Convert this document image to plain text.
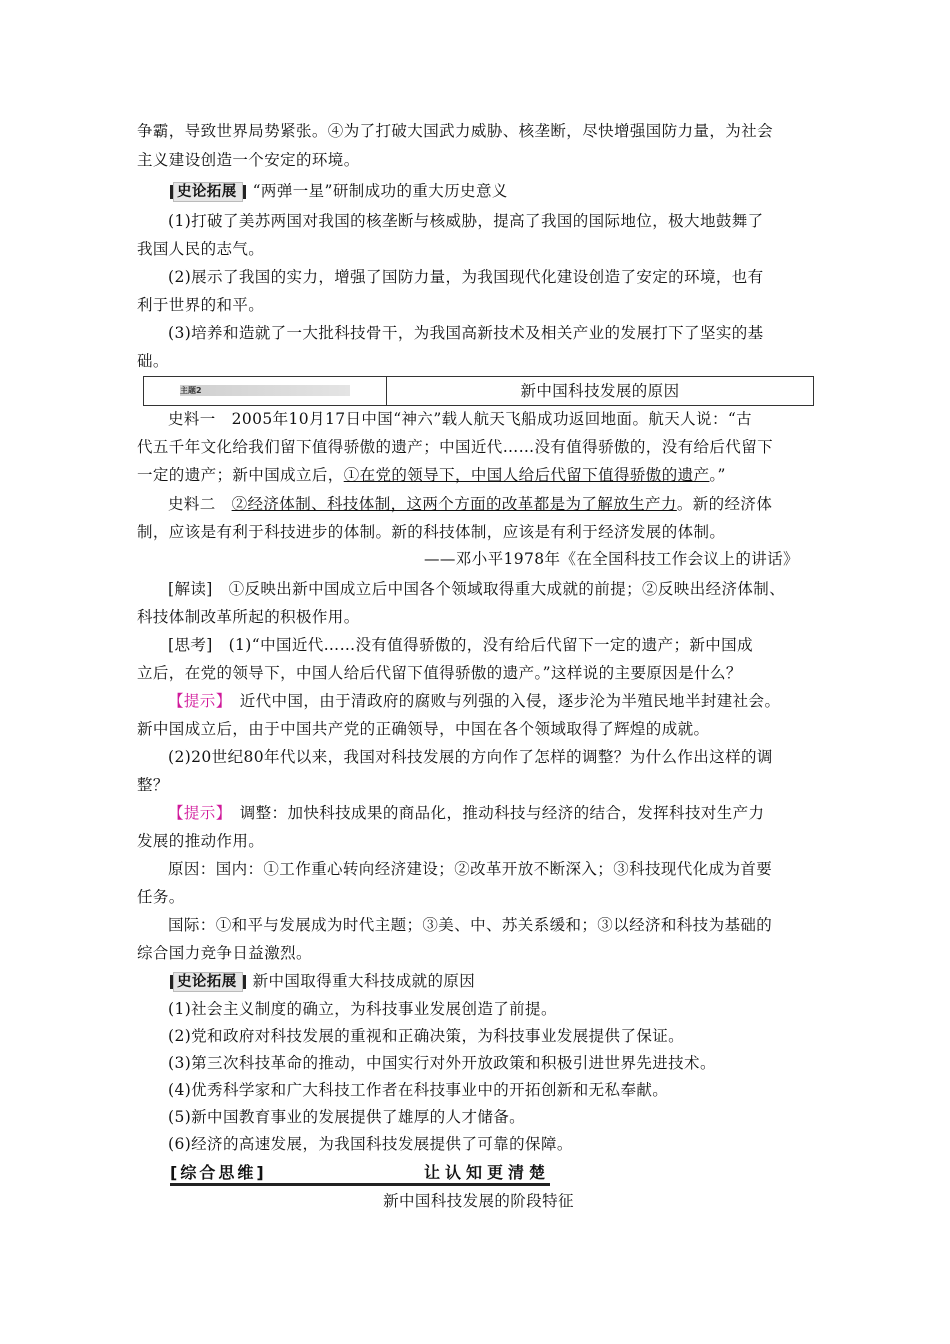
争霸，导致世界局势紧张。④为了打破大国武力威胁、核垄断，尽快增强国防力量，为社会
主义建设创造一个安定的环境。
史论拓展 “两弹一星”研制成功的重大历史意义
(1)打破了美苏两国对我国的核垄断与核威胁，提高了我国的国际地位，极大地鼓舞了
我国人民的志气。
(2)展示了我国的实力，增强了国防力量，为我国现代化建设创造了安定的环境，也有
利于世界的和平。
(3)培养和造就了一大批科技骨干，为我国高新技术及相关产业的发展打下了坚实的基
础。
主题2	新中国科技发展的原因
史料一　2005年10月17日中国“神六”载人航天飞船成功返回地面。航天人说：“古
代五千年文化给我们留下值得骄傲的遗产；中国近代……没有值得骄傲的，没有给后代留下
一定的遗产；新中国成立后，①在党的领导下，中国人给后代留下值得骄傲的遗产。”
史料二　②经济体制、科技体制，这两个方面的改革都是为了解放生产力。新的经济体
制，应该是有利于科技进步的体制。新的科技体制，应该是有利于经济发展的体制。
——邓小平1978年《在全国科技工作会议上的讲话》
[解读]　①反映出新中国成立后中国各个领域取得重大成就的前提；②反映出经济体制、
科技体制改革所起的积极作用。
[思考]　(1)“中国近代……没有值得骄傲的，没有给后代留下一定的遗产；新中国成
立后，在党的领导下，中国人给后代留下值得骄傲的遗产。”这样说的主要原因是什么？
【提示】　近代中国，由于清政府的腐败与列强的入侵，逐步沦为半殖民地半封建社会。
新中国成立后，由于中国共产党的正确领导，中国在各个领域取得了辉煌的成就。
(2)20世纪80年代以来，我国对科技发展的方向作了怎样的调整？为什么作出这样的调
整？
【提示】　调整：加快科技成果的商品化，推动科技与经济的结合，发挥科技对生产力
发展的推动作用。
原因：国内：①工作重心转向经济建设；②改革开放不断深入；③科技现代化成为首要
任务。
国际：①和平与发展成为时代主题；③美、中、苏关系缓和；③以经济和科技为基础的
综合国力竞争日益激烈。
史论拓展 新中国取得重大科技成就的原因
(1)社会主义制度的确立，为科技事业发展创造了前提。
(2)党和政府对科技发展的重视和正确决策，为科技事业发展提供了保证。
(3)第三次科技革命的推动，中国实行对外开放政策和积极引进世界先进技术。
(4)优秀科学家和广大科技工作者在科技事业中的开拓创新和无私奉献。
(5)新中国教育事业的发展提供了雄厚的人才储备。
(6)经济的高速发展，为我国科技发展提供了可靠的保障。
[综合思维]	让认知更清楚
新中国科技发展的阶段特征
